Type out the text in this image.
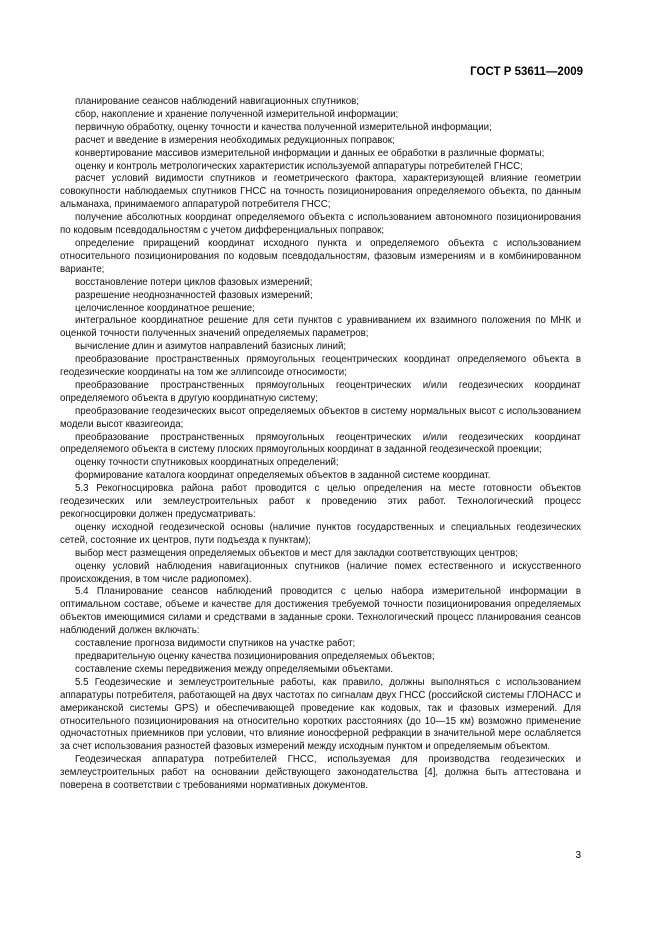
ГОСТ Р 53611—2009

планирование сеансов наблюдений навигационных спутников;

сбор, накопление и хранение полученной измерительной информации;

первичную обработку, оценку точности и качества полученной измерительной информации;

расчет и введение в измерения необходимых редукционных поправок;

конвертирование массивов измерительной информации и данных ее обработки в различные форматы;

оценку и контроль метрологических характеристик используемой аппаратуры потребителей ГНСС;

расчет условий видимости спутников и геометрического фактора, характеризующей влияние геометрии совокупности наблюдаемых спутников ГНСС на точность позиционирования определяемого объекта, по данным альманаха, принимаемого аппаратурой потребителя ГНСС;

получение абсолютных координат определяемого объекта с использованием автономного позиционирования по кодовым псевдодальностям с учетом дифференциальных поправок;

определение приращений координат исходного пункта и определяемого объекта с использованием относительного позиционирования по кодовым псевдодальностям, фазовым измерениям и в комбинированном варианте;

восстановление потери циклов фазовых измерений;

разрешение неоднозначностей фазовых измерений;

целочисленное координатное решение;

интегральное координатное решение для сети пунктов с уравниванием их взаимного положения по МНК и оценкой точности полученных значений определяемых параметров;

вычисление длин и азимутов направлений базисных линий;

преобразование пространственных прямоугольных геоцентрических координат определяемого объекта в геодезические координаты на том же эллипсоиде относимости;

преобразование пространственных прямоугольных геоцентрических и/или геодезических координат определяемого объекта в другую координатную систему;

преобразование геодезических высот определяемых объектов в систему нормальных высот с использованием модели высот квазигеоида;

преобразование пространственных прямоугольных геоцентрических и/или геодезических координат определяемого объекта в систему плоских прямоугольных координат в заданной геодезической проекции;

оценку точности спутниковых координатных определений;

формирование каталога координат определяемых объектов в заданной системе координат.

5.3 Рекогносцировка района работ проводится с целью определения на месте готовности объектов геодезических или землеустроительных работ к проведению этих работ. Технологический процесс рекогносцировки должен предусматривать:

оценку исходной геодезической основы (наличие пунктов государственных и специальных геодезических сетей, состояние их центров, пути подъезда к пунктам);

выбор мест размещения определяемых объектов и мест для закладки соответствующих центров;

оценку условий наблюдения навигационных спутников (наличие помех естественного и искусственного происхождения, в том числе радиопомех).

5.4 Планирование сеансов наблюдений проводится с целью набора измерительной информации в оптимальном составе, объеме и качестве для достижения требуемой точности позиционирования определяемых объектов имеющимися силами и средствами в заданные сроки. Технологический процесс планирования сеансов наблюдений должен включать:

составление прогноза видимости спутников на участке работ;

предварительную оценку качества позиционирования определяемых объектов;

составление схемы передвижения между определяемыми объектами.

5.5 Геодезические и землеустроительные работы, как правило, должны выполняться с использованием аппаратуры потребителя, работающей на двух частотах по сигналам двух ГНСС (российской системы ГЛОНАСС и американской системы GPS) и обеспечивающей проведение как кодовых, так и фазовых измерений. Для относительного позиционирования на относительно коротких расстояниях (до 10—15 км) возможно применение одночастотных приемников при условии, что влияние ионосферной рефракции в значительной мере ослабляется за счет использования разностей фазовых измерений между исходным пунктом и определяемым объектом.

Геодезическая аппаратура потребителей ГНСС, используемая для производства геодезических и землеустроительных работ на основании действующего законодательства [4], должна быть аттестована и поверена в соответствии с требованиями нормативных документов.

3
